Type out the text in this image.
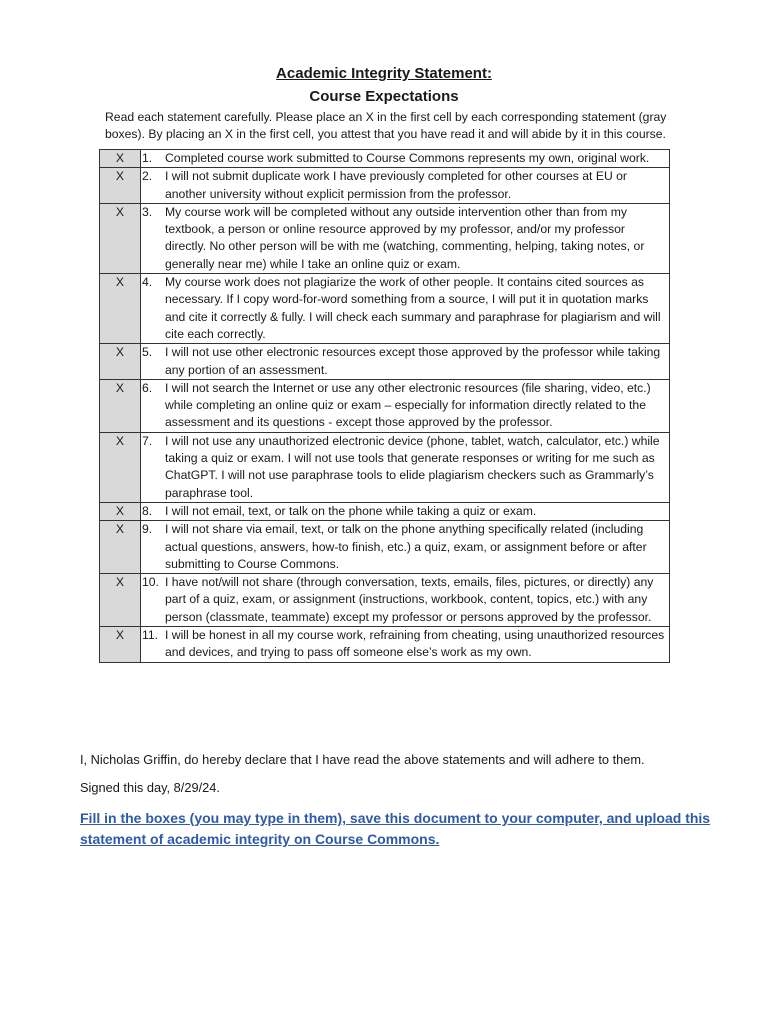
Academic Integrity Statement:
Course Expectations
Read each statement carefully. Please place an X in the first cell by each corresponding statement (gray boxes). By placing an X in the first cell, you attest that you have read it and will abide by it in this course.
X	1. Completed course work submitted to Course Commons represents my own, original work.

X	2. I will not submit duplicate work I have previously completed for other courses at EU or another university without explicit permission from the professor.

X	3. My course work will be completed without any outside intervention other than from my textbook, a person or online resource approved by my professor, and/or my professor directly. No other person will be with me (watching, commenting, helping, taking notes, or generally near me) while I take an online quiz or exam.

X	4. My course work does not plagiarize the work of other people. It contains cited sources as necessary. If I copy word-for-word something from a source, I will put it in quotation marks and cite it correctly & fully. I will check each summary and paraphrase for plagiarism and will cite each correctly.

X	5. I will not use other electronic resources except those approved by the professor while taking any portion of an assessment.

X	6. I will not search the Internet or use any other electronic resources (file sharing, video, etc.) while completing an online quiz or exam – especially for information directly related to the assessment and its questions - except those approved by the professor.

X	7. I will not use any unauthorized electronic device (phone, tablet, watch, calculator, etc.) while taking a quiz or exam. I will not use tools that generate responses or writing for me such as ChatGPT. I will not use paraphrase tools to elide plagiarism checkers such as Grammarly’s paraphrase tool.

X	8. I will not email, text, or talk on the phone while taking a quiz or exam.

X	9. I will not share via email, text, or talk on the phone anything specifically related (including actual questions, answers, how-to finish, etc.) a quiz, exam, or assignment before or after submitting to Course Commons.

X	10. I have not/will not share (through conversation, texts, emails, files, pictures, or directly) any part of a quiz, exam, or assignment (instructions, workbook, content, topics, etc.) with any person (classmate, teammate) except my professor or persons approved by the professor.

X	11. I will be honest in all my course work, refraining from cheating, using unauthorized resources and devices, and trying to pass off someone else’s work as my own.
I, Nicholas Griffin, do hereby declare that I have read the above statements and will adhere to them.
Signed this day, 8/29/24.
Fill in the boxes (you may type in them), save this document to your computer, and upload this statement of academic integrity on Course Commons.
